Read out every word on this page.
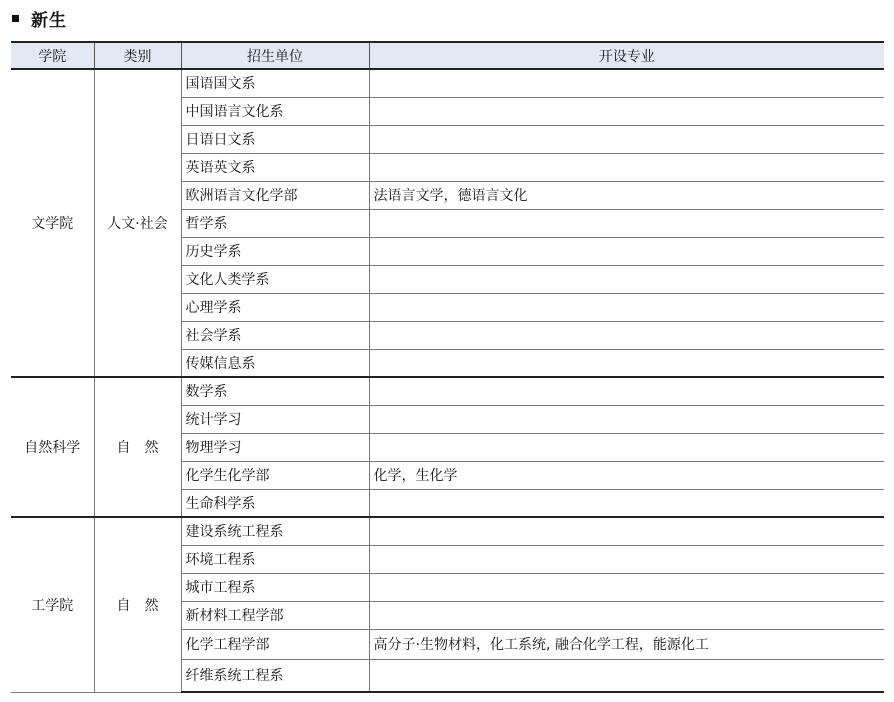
新生
学院	类别	招生单位	开设专业
文学院	人文·社会	国语国文系	
		中国语言文化系	
		日语日文系	
		英语英文系	
		欧洲语言文化学部	法语言文学，德语言文化
		哲学系	
		历史学系	
		文化人类学系	
		心理学系	
		社会学系	
		传媒信息系	
自然科学	自　然	数学系	
		统计学习	
		物理学习	
		化学生化学部	化学，生化学
		生命科学系	
工学院	自　然	建设系统工程系	
		环境工程系	
		城市工程系	
		新材料工程学部	
		化学工程学部	高分子·生物材料，化工系统, 融合化学工程，能源化工
		纤维系统工程系	
